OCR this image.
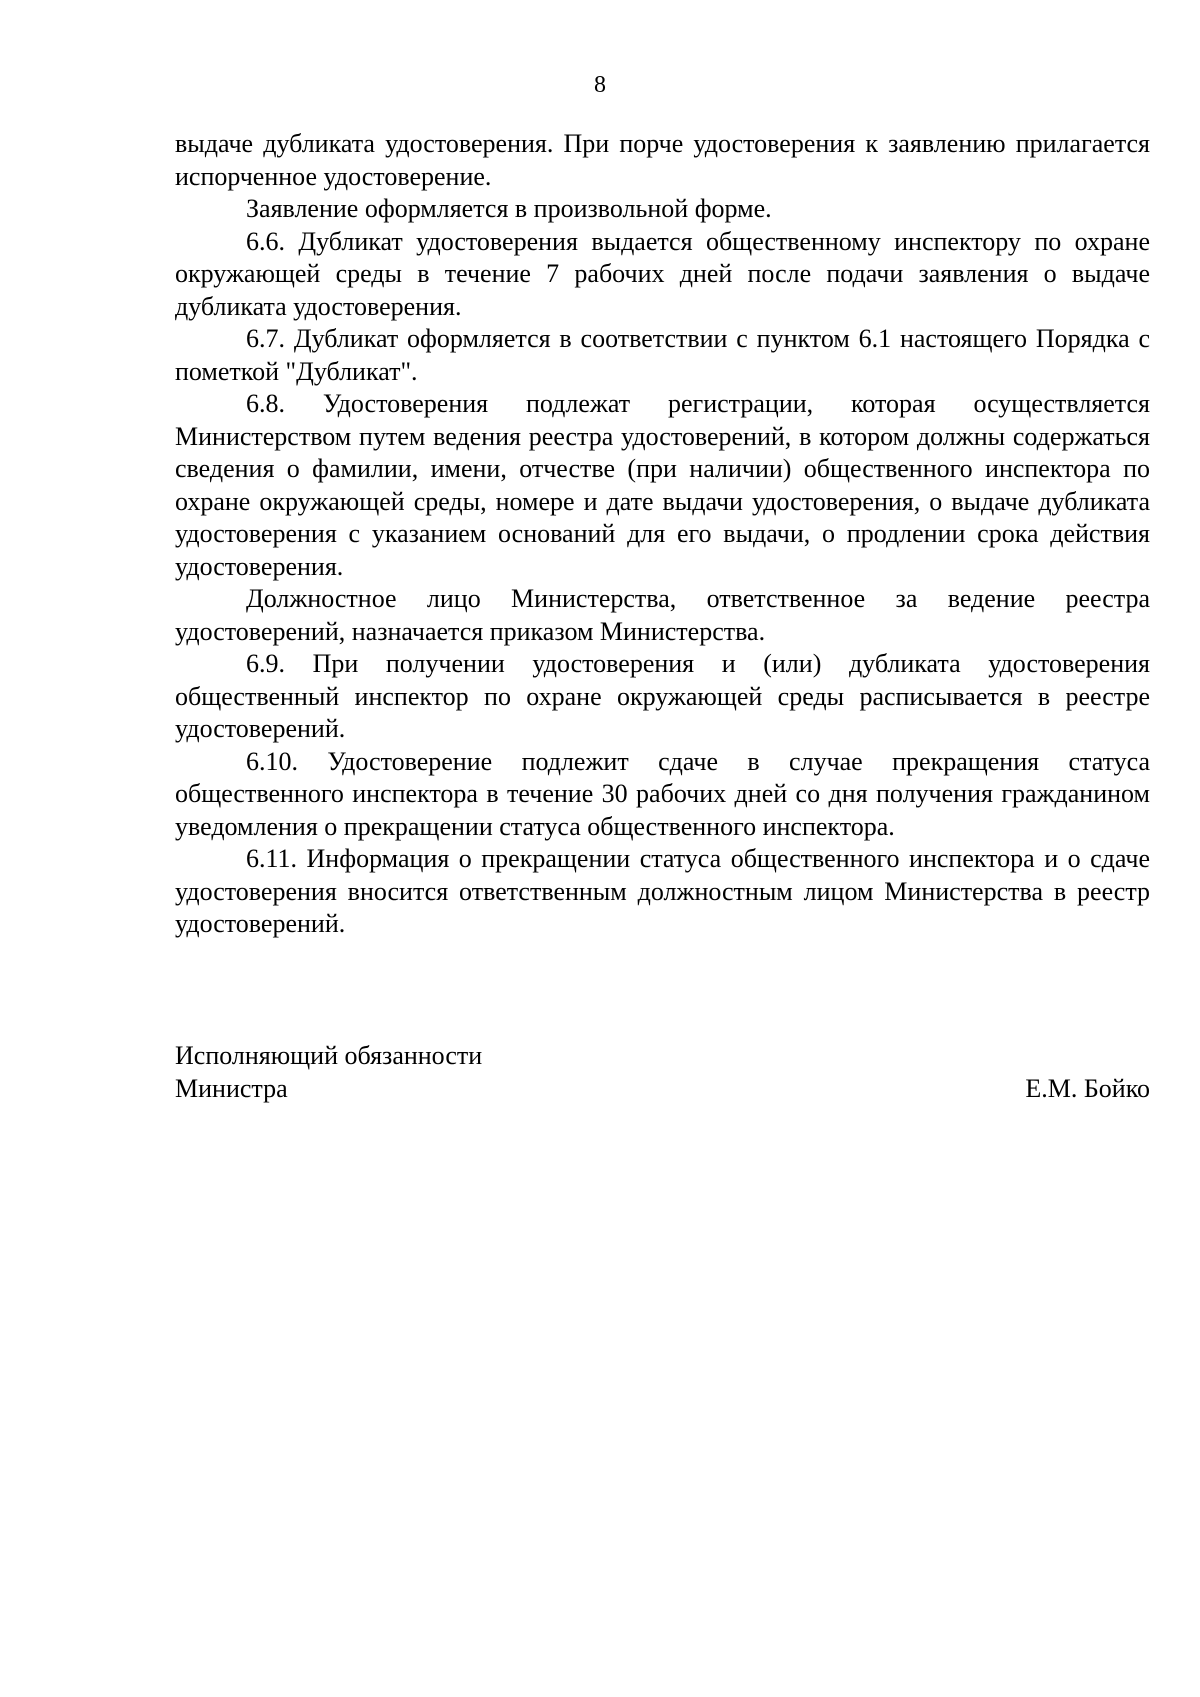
8

выдаче дубликата удостоверения. При порче удостоверения к заявлению прилагается испорченное удостоверение.

Заявление оформляется в произвольной форме.

6.6. Дубликат удостоверения выдается общественному инспектору по охране окружающей среды в течение 7 рабочих дней после подачи заявления о выдаче дубликата удостоверения.

6.7. Дубликат оформляется в соответствии с пунктом 6.1 настоящего Порядка с пометкой "Дубликат".

6.8. Удостоверения подлежат регистрации, которая осуществляется Министерством путем ведения реестра удостоверений, в котором должны содержаться сведения о фамилии, имени, отчестве (при наличии) общественного инспектора по охране окружающей среды, номере и дате выдачи удостоверения, о выдаче дубликата удостоверения с указанием оснований для его выдачи, о продлении срока действия удостоверения.

Должностное лицо Министерства, ответственное за ведение реестра удостоверений, назначается приказом Министерства.

6.9. При получении удостоверения и (или) дубликата удостоверения общественный инспектор по охране окружающей среды расписывается в реестре удостоверений.

6.10. Удостоверение подлежит сдаче в случае прекращения статуса общественного инспектора в течение 30 рабочих дней со дня получения гражданином уведомления о прекращении статуса общественного инспектора.

6.11. Информация о прекращении статуса общественного инспектора и о сдаче удостоверения вносится ответственным должностным лицом Министерства в реестр удостоверений.

Исполняющий обязанности
Министра	Е.М. Бойко
